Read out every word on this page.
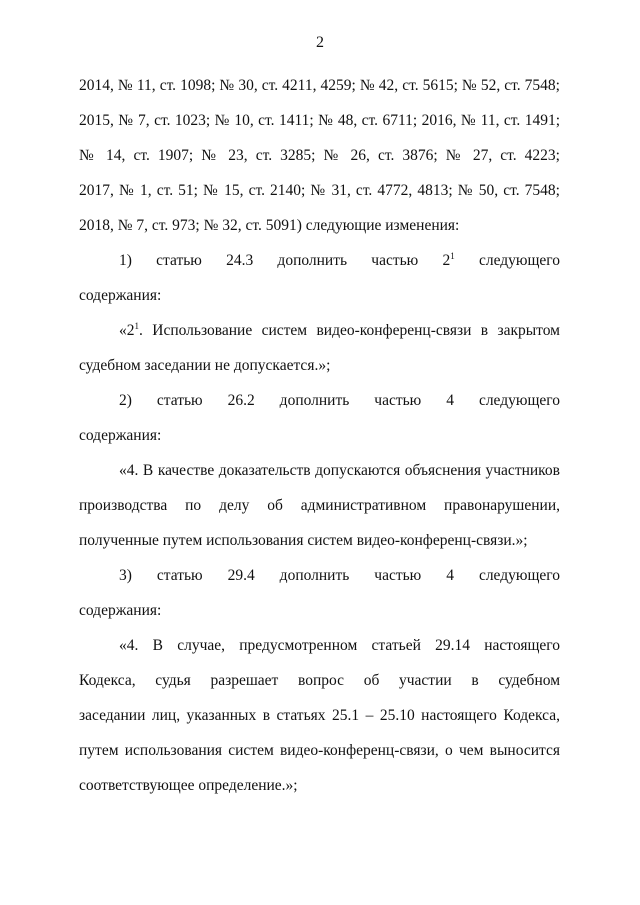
2
2014, № 11, ст. 1098; № 30, ст. 4211, 4259; № 42, ст. 5615; № 52, ст. 7548;
2015, № 7, ст. 1023; № 10, ст. 1411; № 48, ст. 6711; 2016, № 11, ст. 1491;
№ 14, ст. 1907; № 23, ст. 3285; № 26, ст. 3876; № 27, ст. 4223;
2017, № 1, ст. 51; № 15, ст. 2140; № 31, ст. 4772, 4813; № 50, ст. 7548;
2018, № 7, ст. 973; № 32, ст. 5091) следующие изменения:
1) статью 24.3 дополнить частью $2^1$ следующего
содержания:
«$2^1$. Использование систем видео-конференц-связи в закрытом
судебном заседании не допускается.»;
2) статью 26.2 дополнить частью 4 следующего
содержания:
«4. В качестве доказательств допускаются объяснения участников
производства по делу об административном правонарушении,
полученные путем использования систем видео-конференц-связи.»;
3) статью 29.4 дополнить частью 4 следующего
содержания:
«4. В случае, предусмотренном статьей 29.14 настоящего
Кодекса, судья разрешает вопрос об участии в судебном
заседании лиц, указанных в статьях 25.1 – 25.10 настоящего Кодекса,
путем использования систем видео-конференц-связи, о чем выносится
соответствующее определение.»;
